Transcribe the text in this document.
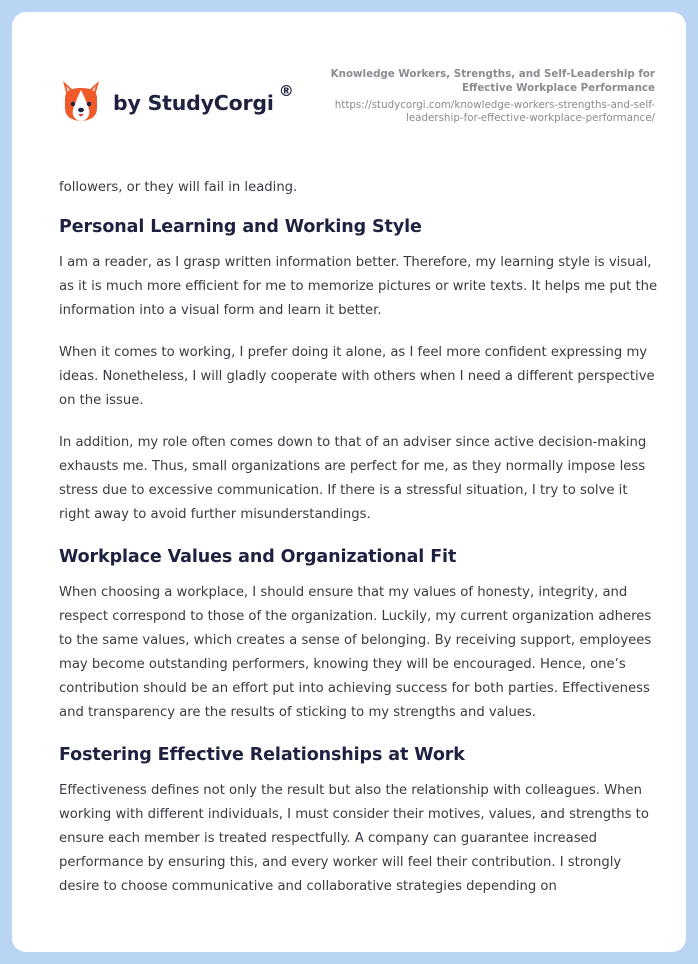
by StudyCorgi ®
Knowledge Workers, Strengths, and Self-Leadership for Effective Workplace Performance
https://studycorgi.com/knowledge-workers-strengths-and-self-leadership-for-effective-workplace-performance/

followers, or they will fail in leading.

Personal Learning and Working Style

I am a reader, as I grasp written information better. Therefore, my learning style is visual, as it is much more efficient for me to memorize pictures or write texts. It helps me put the information into a visual form and learn it better.

When it comes to working, I prefer doing it alone, as I feel more confident expressing my ideas. Nonetheless, I will gladly cooperate with others when I need a different perspective on the issue.

In addition, my role often comes down to that of an adviser since active decision-making exhausts me. Thus, small organizations are perfect for me, as they normally impose less stress due to excessive communication. If there is a stressful situation, I try to solve it right away to avoid further misunderstandings.

Workplace Values and Organizational Fit

When choosing a workplace, I should ensure that my values of honesty, integrity, and respect correspond to those of the organization. Luckily, my current organization adheres to the same values, which creates a sense of belonging. By receiving support, employees may become outstanding performers, knowing they will be encouraged. Hence, one’s contribution should be an effort put into achieving success for both parties. Effectiveness and transparency are the results of sticking to my strengths and values.

Fostering Effective Relationships at Work

Effectiveness defines not only the result but also the relationship with colleagues. When working with different individuals, I must consider their motives, values, and strengths to ensure each member is treated respectfully. A company can guarantee increased performance by ensuring this, and every worker will feel their contribution. I strongly desire to choose communicative and collaborative strategies depending on
